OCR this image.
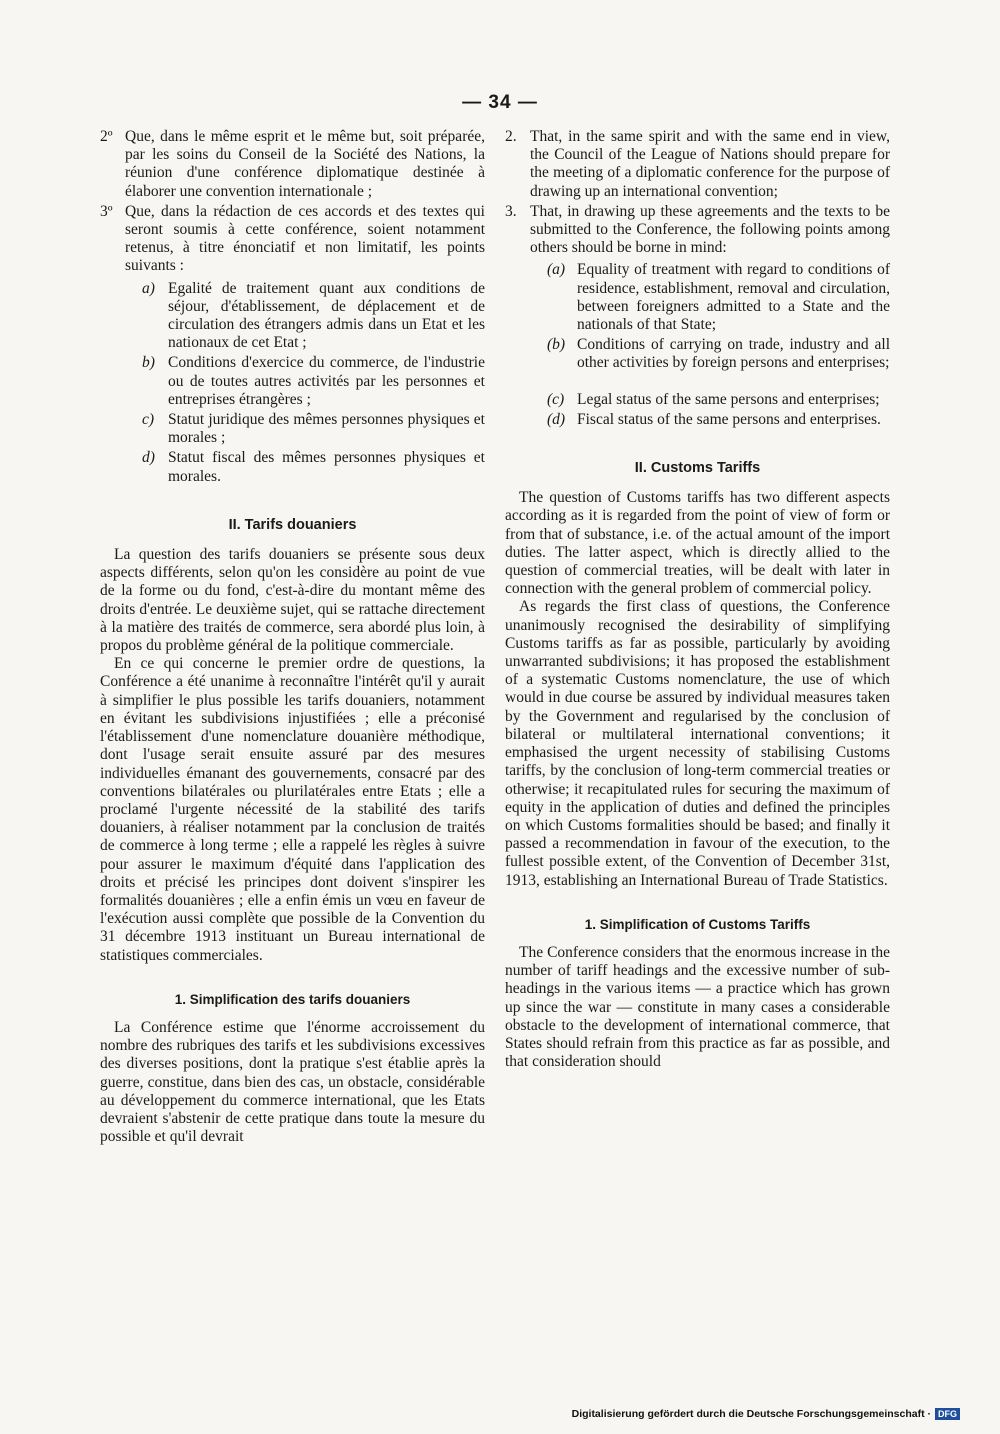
— 34 —
2º Que, dans le même esprit et le même but, soit préparée, par les soins du Conseil de la Société des Nations, la réunion d'une conférence diplomatique destinée à élaborer une convention internationale ;

3º Que, dans la rédaction de ces accords et des textes qui seront soumis à cette conférence, soient notamment retenus, à titre énonciatif et non limitatif, les points suivants :

a) Egalité de traitement quant aux conditions de séjour, d'établissement, de déplacement et de circulation des étrangers admis dans un Etat et les nationaux de cet Etat ;

b) Conditions d'exercice du commerce, de l'industrie ou de toutes autres activités par les personnes et entreprises étrangères ;

c) Statut juridique des mêmes personnes physiques et morales ;

d) Statut fiscal des mêmes personnes physiques et morales.

II. Tarifs douaniers

La question des tarifs douaniers se présente sous deux aspects différents, selon qu'on les considère au point de vue de la forme ou du fond, c'est-à-dire du montant même des droits d'entrée. Le deuxième sujet, qui se rattache directement à la matière des traités de commerce, sera abordé plus loin, à propos du problème général de la politique commerciale.

En ce qui concerne le premier ordre de questions, la Conférence a été unanime à reconnaître l'intérêt qu'il y aurait à simplifier le plus possible les tarifs douaniers, notamment en évitant les subdivisions injustifiées ; elle a préconisé l'établissement d'une nomenclature douanière méthodique, dont l'usage serait ensuite assuré par des mesures individuelles émanant des gouvernements, consacré par des conventions bilatérales ou plurilatérales entre Etats ; elle a proclamé l'urgente nécessité de la stabilité des tarifs douaniers, à réaliser notamment par la conclusion de traités de commerce à long terme ; elle a rappelé les règles à suivre pour assurer le maximum d'équité dans l'application des droits et précisé les principes dont doivent s'inspirer les formalités douanières ; elle a enfin émis un vœu en faveur de l'exécution aussi complète que possible de la Convention du 31 décembre 1913 instituant un Bureau international de statistiques commerciales.

1. Simplification des tarifs douaniers

La Conférence estime que l'énorme accroissement du nombre des rubriques des tarifs et les subdivisions excessives des diverses positions, dont la pratique s'est établie après la guerre, constitue, dans bien des cas, un obstacle, considérable au développement du commerce international, que les Etats devraient s'abstenir de cette pratique dans toute la mesure du possible et qu'il devrait

2. That, in the same spirit and with the same end in view, the Council of the League of Nations should prepare for the meeting of a diplomatic conference for the purpose of drawing up an international convention;

3. That, in drawing up these agreements and the texts to be submitted to the Conference, the following points among others should be borne in mind:

(a) Equality of treatment with regard to conditions of residence, establishment, removal and circulation, between foreigners admitted to a State and the nationals of that State;

(b) Conditions of carrying on trade, industry and all other activities by foreign persons and enterprises;

(c) Legal status of the same persons and enterprises;

(d) Fiscal status of the same persons and enterprises.

II. Customs Tariffs

The question of Customs tariffs has two different aspects according as it is regarded from the point of view of form or from that of substance, i.e. of the actual amount of the import duties. The latter aspect, which is directly allied to the question of commercial treaties, will be dealt with later in connection with the general problem of commercial policy.

As regards the first class of questions, the Conference unanimously recognised the desirability of simplifying Customs tariffs as far as possible, particularly by avoiding unwarranted subdivisions; it has proposed the establishment of a systematic Customs nomenclature, the use of which would in due course be assured by individual measures taken by the Government and regularised by the conclusion of bilateral or multilateral international conventions; it emphasised the urgent necessity of stabilising Customs tariffs, by the conclusion of long-term commercial treaties or otherwise; it recapitulated rules for securing the maximum of equity in the application of duties and defined the principles on which Customs formalities should be based; and finally it passed a recommendation in favour of the execution, to the fullest possible extent, of the Convention of December 31st, 1913, establishing an International Bureau of Trade Statistics.

1. Simplification of Customs Tariffs

The Conference considers that the enormous increase in the number of tariff headings and the excessive number of sub-headings in the various items — a practice which has grown up since the war — constitute in many cases a considerable obstacle to the development of international commerce, that States should refrain from this practice as far as possible, and that consideration should

Digitalisierung gefördert durch die Deutsche Forschungsgemeinschaft · DFG
